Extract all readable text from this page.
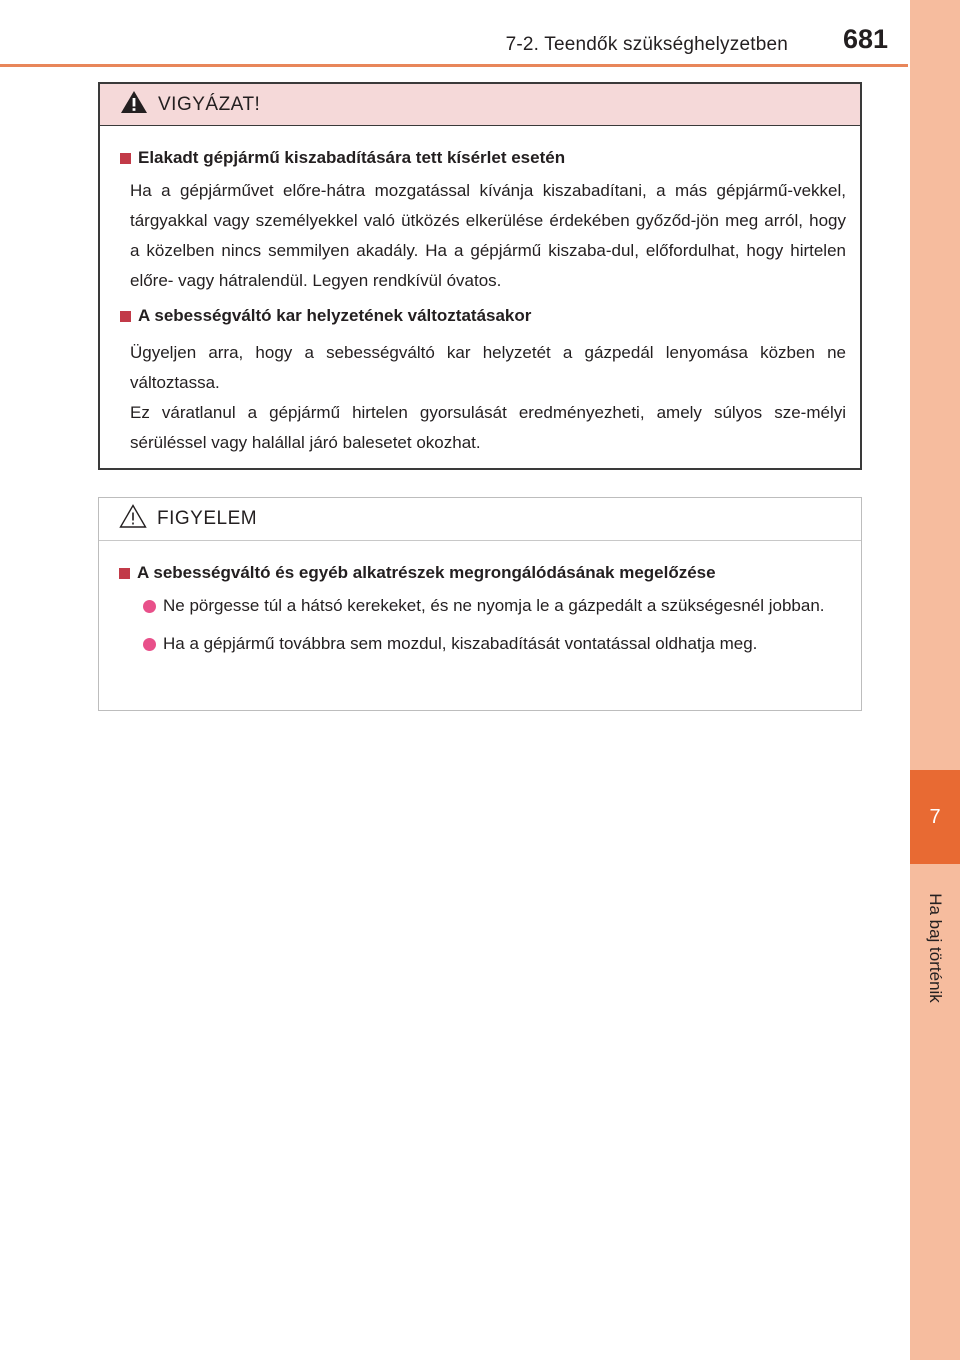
7-2. Teendők szükséghelyzetben 681
7
Ha baj történik
VIGYÁZAT!
Elakadt gépjármű kiszabadítására tett kísérlet esetén
Ha a gépjárművet előre-hátra mozgatással kívánja kiszabadítani, a más gépjármű-vekkel, tárgyakkal vagy személyekkel való ütközés elkerülése érdekében győződ-jön meg arról, hogy a közelben nincs semmilyen akadály. Ha a gépjármű kiszaba-dul, előfordulhat, hogy hirtelen előre- vagy hátralendül. Legyen rendkívül óvatos.
A sebességváltó kar helyzetének változtatásakor
Ügyeljen arra, hogy a sebességváltó kar helyzetét a gázpedál lenyomása közben ne változtassa.
Ez váratlanul a gépjármű hirtelen gyorsulását eredményezheti, amely súlyos sze-mélyi sérüléssel vagy halállal járó balesetet okozhat.
FIGYELEM
A sebességváltó és egyéb alkatrészek megrongálódásának megelőzése
Ne pörgesse túl a hátsó kerekeket, és ne nyomja le a gázpedált a szükségesnél jobban.
Ha a gépjármű továbbra sem mozdul, kiszabadítását vontatással oldhatja meg.
